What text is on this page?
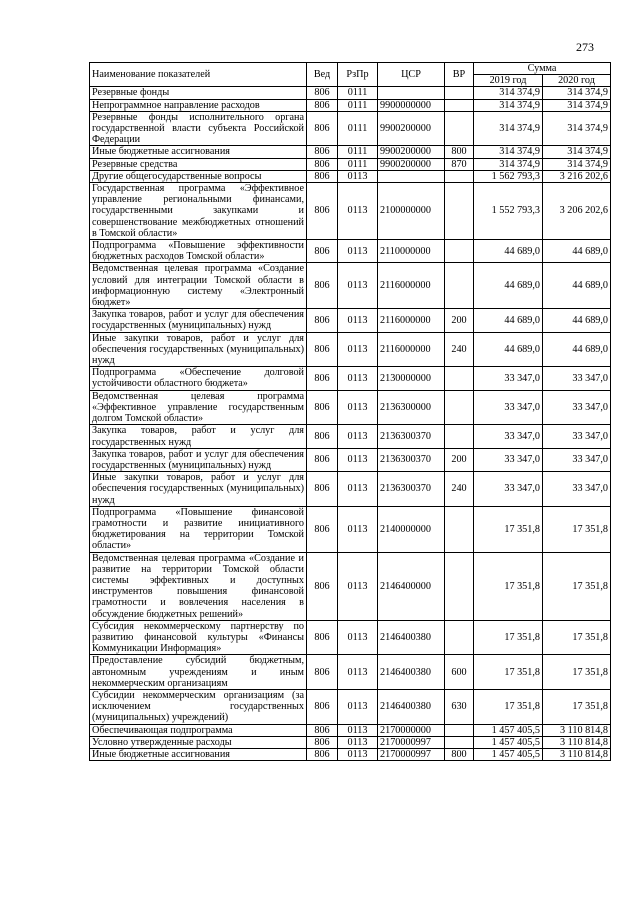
273
Наименование показателей	Вед	РзПр	ЦСР	ВР	Сумма	
					2019 год	2020 год
Резервные фонды	806	0111			314 374,9	314 374,9
Непрограммное направление расходов	806	0111	9900000000		314 374,9	314 374,9
Резервные фонды исполнительного органа государственной власти субъекта Российской Федерации	806	0111	9900200000		314 374,9	314 374,9
Иные бюджетные ассигнования	806	0111	9900200000	800	314 374,9	314 374,9
Резервные средства	806	0111	9900200000	870	314 374,9	314 374,9
Другие общегосударственные вопросы	806	0113			1 562 793,3	3 216 202,6
Государственная программа «Эффективное управление региональными финансами, государственными закупками и совершенствование межбюджетных отношений в Томской области»	806	0113	2100000000		1 552 793,3	3 206 202,6
Подпрограмма «Повышение эффективности бюджетных расходов Томской области»	806	0113	2110000000		44 689,0	44 689,0
Ведомственная целевая программа «Создание условий для интеграции Томской области в информационную систему «Электронный бюджет»	806	0113	2116000000		44 689,0	44 689,0
Закупка товаров, работ и услуг для обеспечения государственных (муниципальных) нужд	806	0113	2116000000	200	44 689,0	44 689,0
Иные закупки товаров, работ и услуг для обеспечения государственных (муниципальных) нужд	806	0113	2116000000	240	44 689,0	44 689,0
Подпрограмма «Обеспечение долговой устойчивости областного бюджета»	806	0113	2130000000		33 347,0	33 347,0
Ведомственная целевая программа «Эффективное управление государственным долгом Томской области»	806	0113	2136300000		33 347,0	33 347,0
Закупка товаров, работ и услуг для государственных нужд	806	0113	2136300370		33 347,0	33 347,0
Закупка товаров, работ и услуг для обеспечения государственных (муниципальных) нужд	806	0113	2136300370	200	33 347,0	33 347,0
Иные закупки товаров, работ и услуг для обеспечения государственных (муниципальных) нужд	806	0113	2136300370	240	33 347,0	33 347,0
Подпрограмма «Повышение финансовой грамотности и развитие инициативного бюджетирования на территории Томской области»	806	0113	2140000000		17 351,8	17 351,8
Ведомственная целевая программа «Создание и развитие на территории Томской области системы эффективных и доступных инструментов повышения финансовой грамотности и вовлечения населения в обсуждение бюджетных решений»	806	0113	2146400000		17 351,8	17 351,8
Субсидия некоммерческому партнерству по развитию финансовой культуры «Финансы Коммуникации Информация»	806	0113	2146400380		17 351,8	17 351,8
Предоставление субсидий бюджетным, автономным учреждениям и иным некоммерческим организациям	806	0113	2146400380	600	17 351,8	17 351,8
Субсидии некоммерческим организациям (за исключением государственных (муниципальных) учреждений)	806	0113	2146400380	630	17 351,8	17 351,8
Обеспечивающая подпрограмма	806	0113	2170000000		1 457 405,5	3 110 814,8
Условно утвержденные расходы	806	0113	2170000997		1 457 405,5	3 110 814,8
Иные бюджетные ассигнования	806	0113	2170000997	800	1 457 405,5	3 110 814,8
